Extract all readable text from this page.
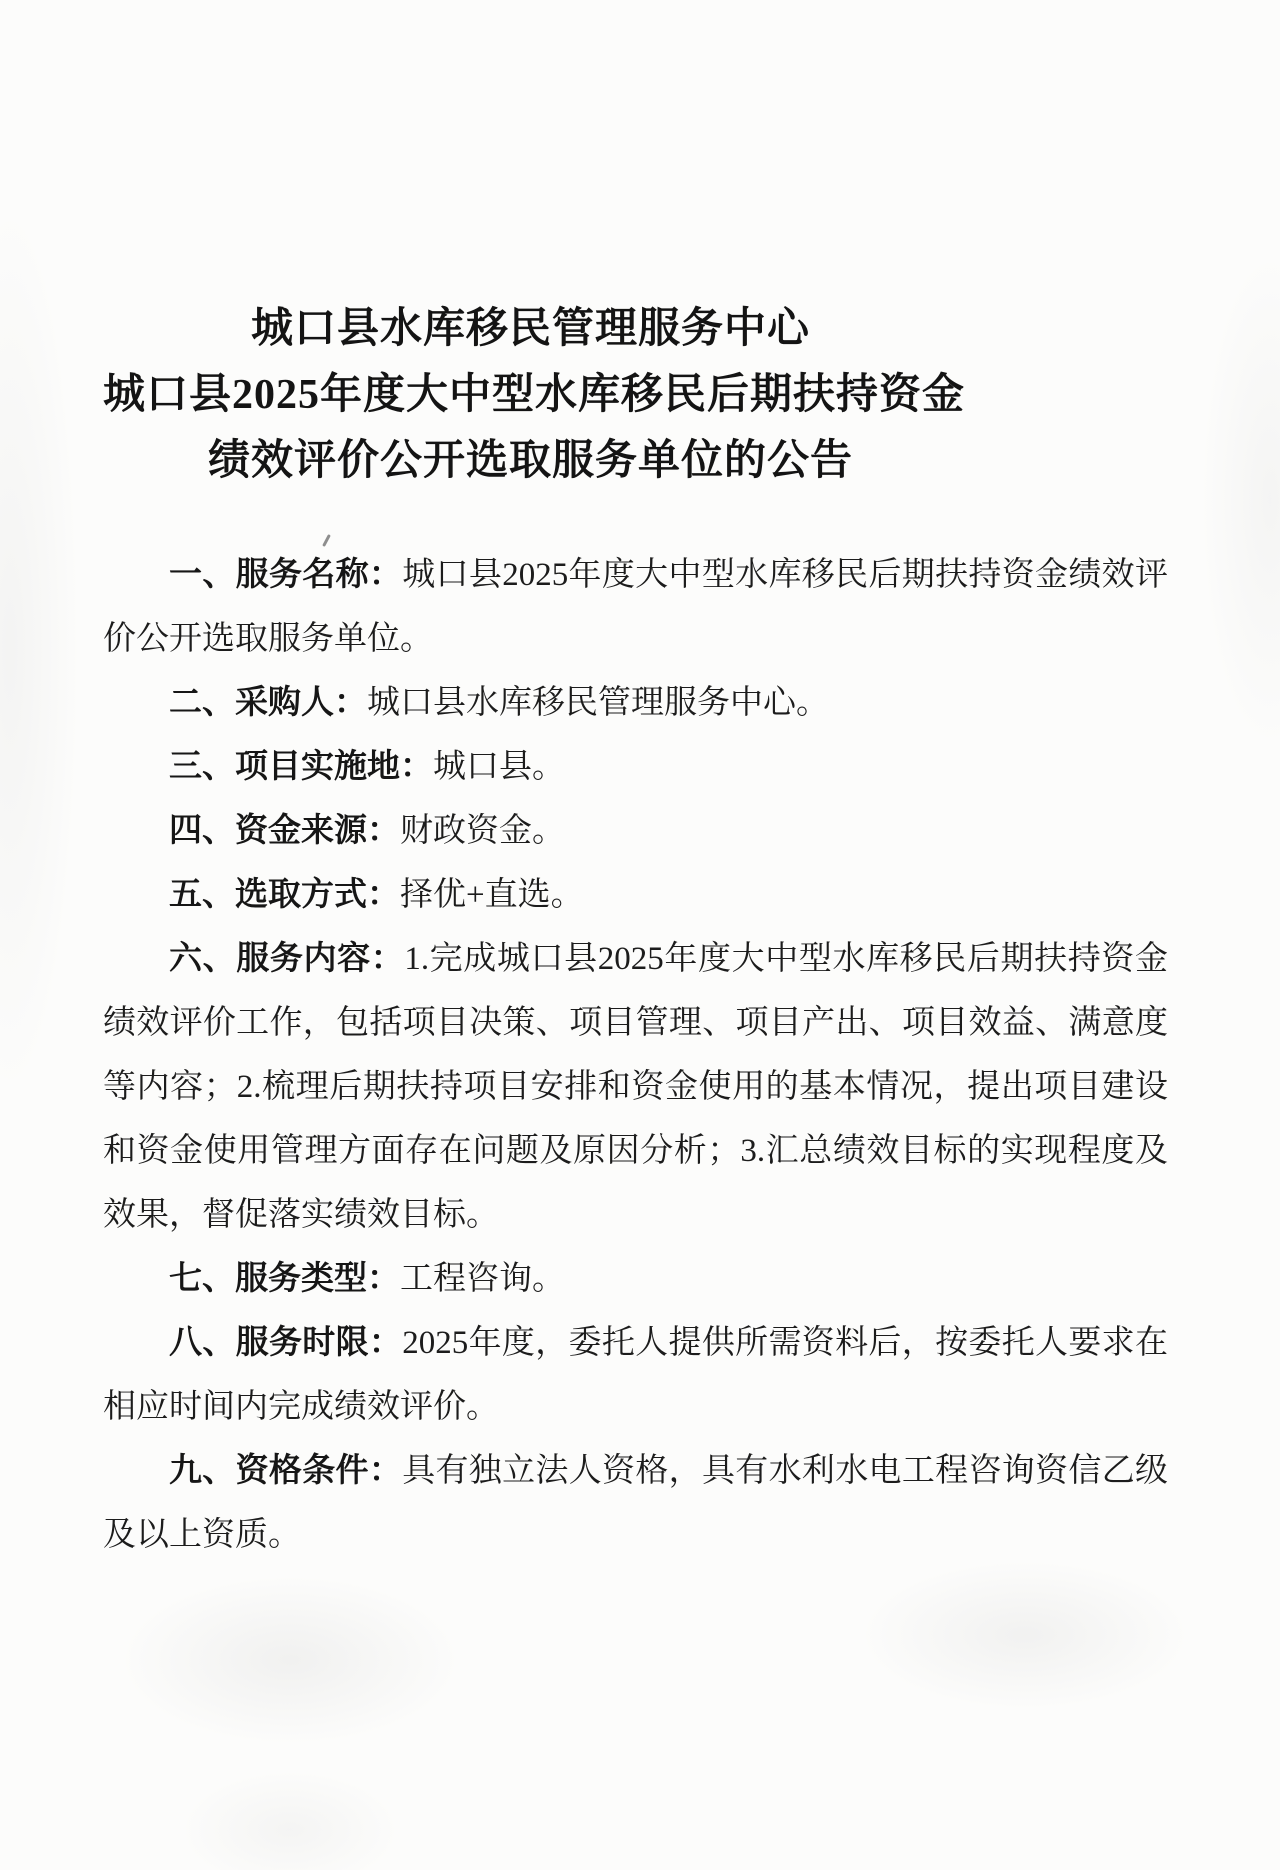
城口县水库移民管理服务中心
城口县2025年度大中型水库移民后期扶持资金
绩效评价公开选取服务单位的公告

一、服务名称：城口县2025年度大中型水库移民后期扶持资金绩效评价公开选取服务单位。

二、采购人：城口县水库移民管理服务中心。

三、项目实施地：城口县。

四、资金来源：财政资金。

五、选取方式：择优+直选。

六、服务内容：1.完成城口县2025年度大中型水库移民后期扶持资金绩效评价工作，包括项目决策、项目管理、项目产出、项目效益、满意度等内容；2.梳理后期扶持项目安排和资金使用的基本情况，提出项目建设和资金使用管理方面存在问题及原因分析；3.汇总绩效目标的实现程度及效果，督促落实绩效目标。

七、服务类型：工程咨询。

八、服务时限：2025年度，委托人提供所需资料后，按委托人要求在相应时间内完成绩效评价。

九、资格条件：具有独立法人资格，具有水利水电工程咨询资信乙级及以上资质。
